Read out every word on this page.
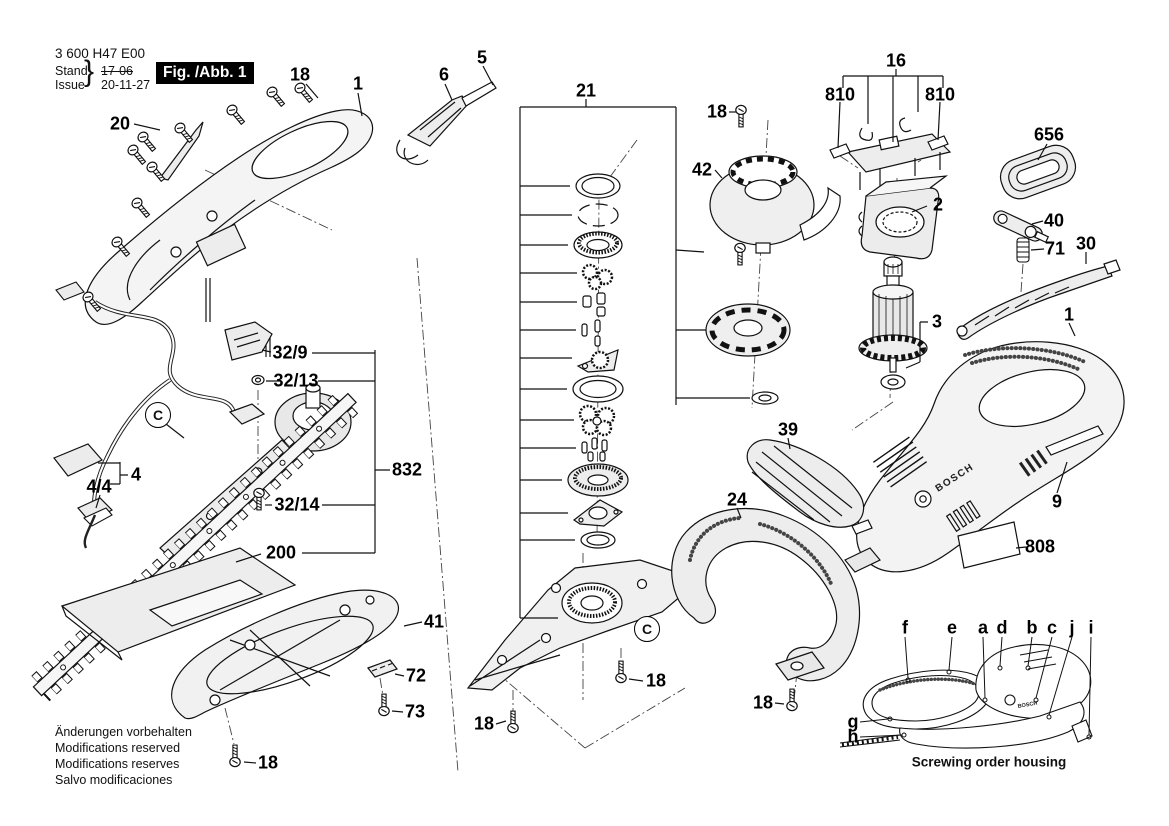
BOSCH
BOSCH
3 600 H47 E00
Stand
Issue } 17-06
20-11-27
Fig. /Abb. 1
20
18 1	6
5
21
18
42
16
810	810
656
2
40
71 30
3	1
32/9
32/13
832
4
4/4
32/14
200
39
24	9
808
41
72
73
18
18
18
18
C
C	f e a d b c j i
g
h
Screwing order housing
Änderungen vorbehalten
Modifications reserved
Modifications reserves
Salvo modificaciones
